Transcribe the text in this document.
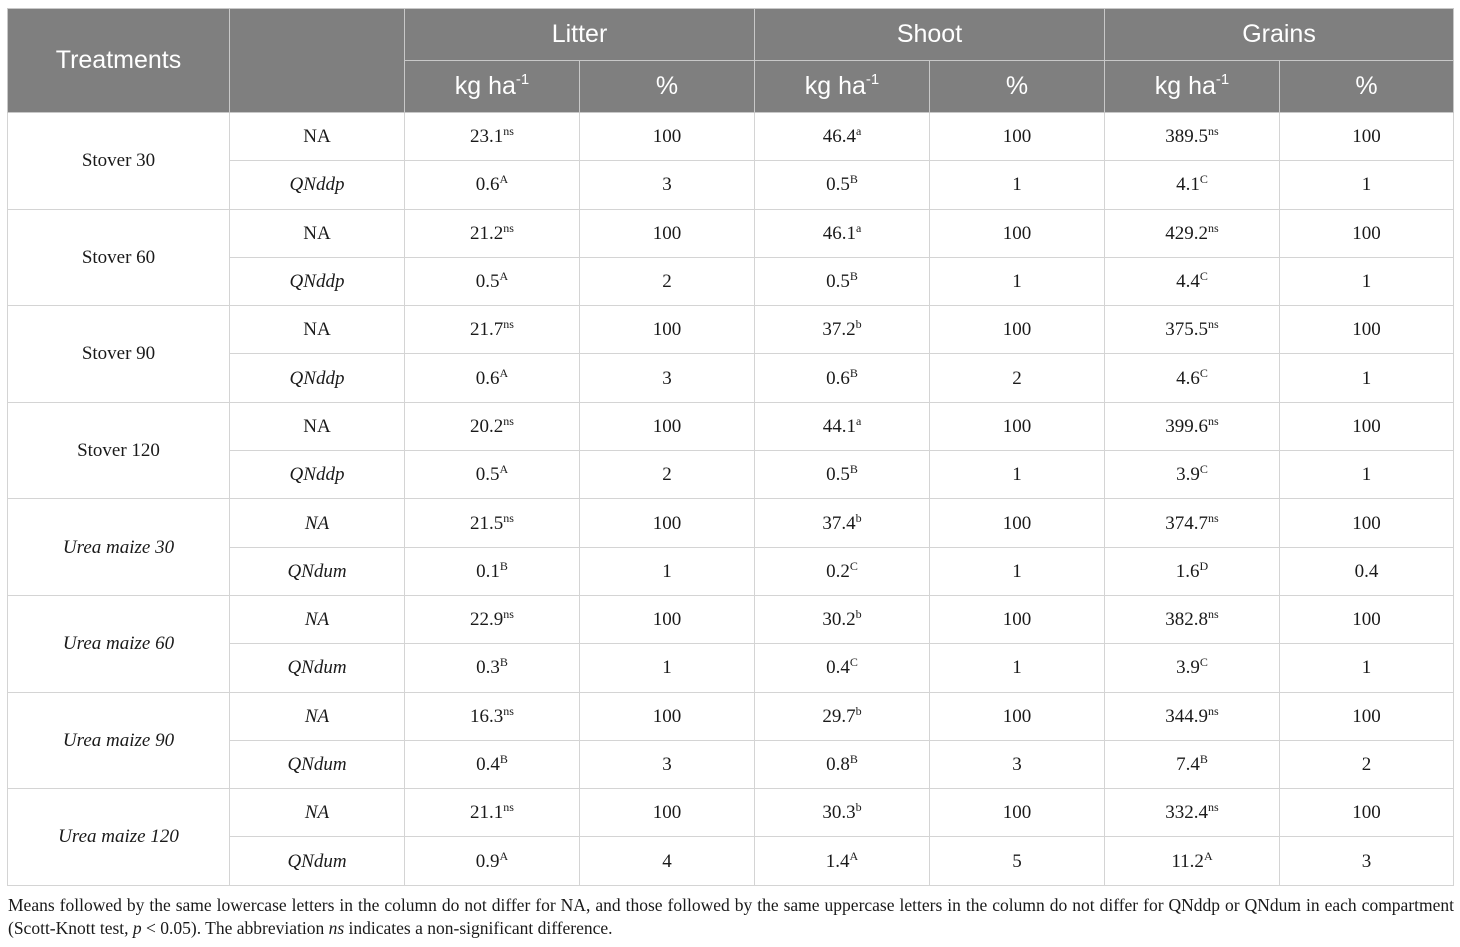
Treatments		Litter		Shoot		Grains	
		kg $ha^{-1}$	%	kg $ha^{-1}$	%	kg $ha^{-1}$	%
Stover 30	NA	$23.1^{ns}$	100	46.4$^a$	100	$389.5^{ns}$	100
	QNddp	$0.6^A$	3	$0.5^B$	1	$4.1^C$	1
Stover 60	NA	$21.2^{ns}$	100	46.1$^a$	100	$429.2^{ns}$	100
	QNddp	$0.5^A$	2	$0.5^B$	1	$4.4^C$	1
Stover 90	NA	$21.7^{ns}$	100	37.2$^b$	100	$375.5^{ns}$	100
	QNddp	$0.6^A$	3	$0.6^B$	2	$4.6^C$	1
Stover 120	NA	$20.2^{ns}$	100	44.1$^a$	100	$399.6^{ns}$	100
	QNddp	$0.5^A$	2	$0.5^B$	1	$3.9^C$	1
Urea maize 30	NA	$21.5^{ns}$	100	37.4$^b$	100	$374.7^{ns}$	100
	QNdum	$0.1^B$	1	$0.2^C$	1	$1.6^D$	0.4
Urea maize 60	NA	$22.9^{ns}$	100	30.2$^b$	100	$382.8^{ns}$	100
	QNdum	$0.3^B$	1	$0.4^C$	1	$3.9^C$	1
Urea maize 90	NA	$16.3^{ns}$	100	29.7$^b$	100	$344.9^{ns}$	100
	QNdum	$0.4^B$	3	$0.8^B$	3	$7.4^B$	2
Urea maize 120	NA	$21.1^{ns}$	100	30.3$^b$	100	$332.4^{ns}$	100
	QNdum	$0.9^A$	4	$1.4^A$	5	$11.2^A$	3

Means followed by the same lowercase letters in the column do not differ for NA, and those followed by the same uppercase letters in the column do not differ for QNddp or QNdum in each compartment (Scott-Knott test, p < 0.05). The abbreviation ns indicates a non-significant difference.
